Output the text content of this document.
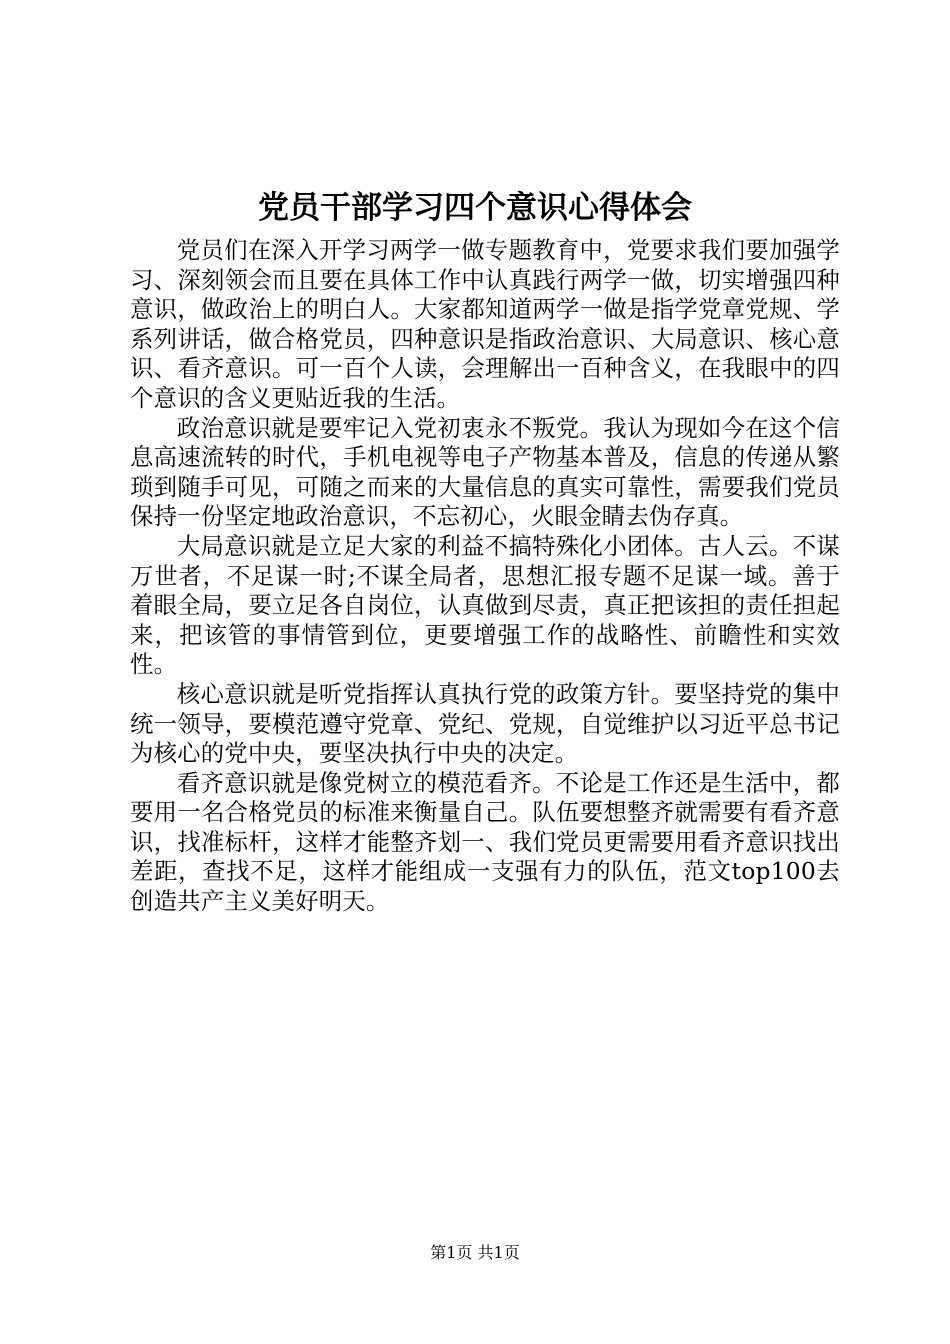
党员干部学习四个意识心得体会

党员们在深入开学习两学一做专题教育中，党要求我们要加强学习、深刻领会而且要在具体工作中认真践行两学一做，切实增强四种意识，做政治上的明白人。大家都知道两学一做是指学党章党规、学系列讲话，做合格党员，四种意识是指政治意识、大局意识、核心意识、看齐意识。可一百个人读，会理解出一百种含义，在我眼中的四个意识的含义更贴近我的生活。

政治意识就是要牢记入党初衷永不叛党。我认为现如今在这个信息高速流转的时代，手机电视等电子产物基本普及，信息的传递从繁琐到随手可见，可随之而来的大量信息的真实可靠性，需要我们党员保持一份坚定地政治意识，不忘初心，火眼金睛去伪存真。

大局意识就是立足大家的利益不搞特殊化小团体。古人云。不谋万世者，不足谋一时;不谋全局者，思想汇报专题不足谋一域。善于着眼全局，要立足各自岗位，认真做到尽责，真正把该担的责任担起来，把该管的事情管到位，更要增强工作的战略性、前瞻性和实效性。

核心意识就是听党指挥认真执行党的政策方针。要坚持党的集中统一领导，要模范遵守党章、党纪、党规，自觉维护以习近平总书记为核心的党中央，要坚决执行中央的决定。

看齐意识就是像党树立的模范看齐。不论是工作还是生活中，都要用一名合格党员的标准来衡量自己。队伍要想整齐就需要有看齐意识，找准标杆，这样才能整齐划一、我们党员更需要用看齐意识找出差距，查找不足，这样才能组成一支强有力的队伍，范文top100去创造共产主义美好明天。

第1页 共1页
